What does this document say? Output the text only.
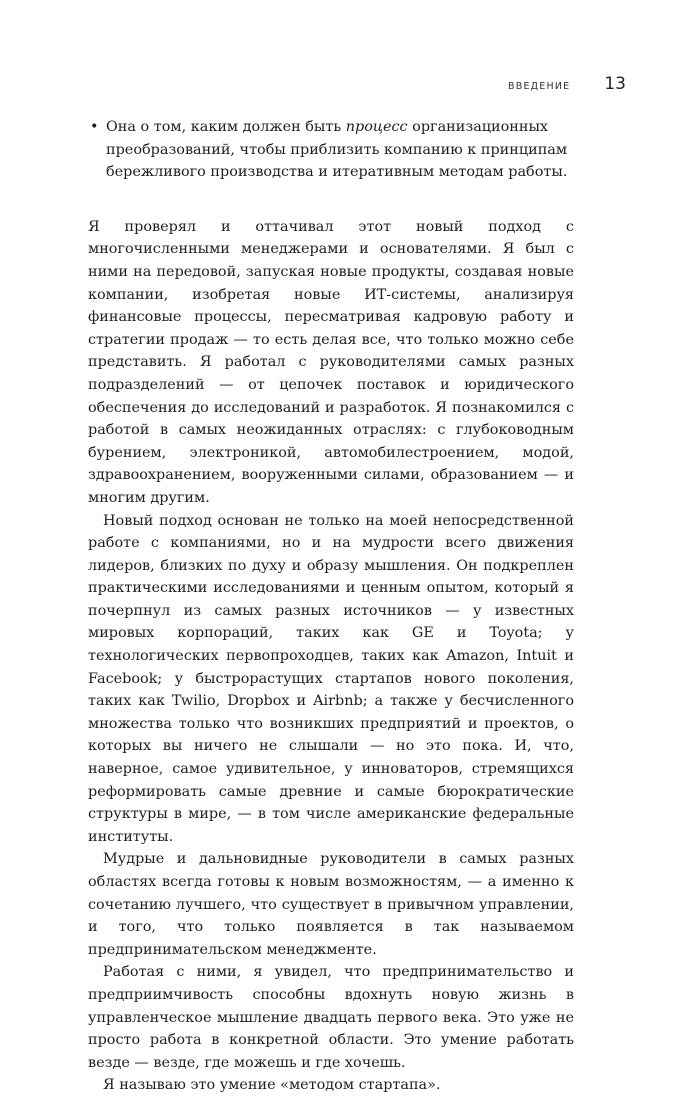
ВВЕДЕНИЕ 13
• Она о том, каким должен быть процесс организационных преобразований, чтобы приблизить компанию к принципам бережливого производства и итеративным методам работы.

Я проверял и оттачивал этот новый подход с многочисленными менеджерами и основателями. Я был с ними на передовой, запуская новые продукты, создавая новые компании, изобретая новые ИТ-системы, анализируя финансовые процессы, пересматривая кадровую работу и стратегии продаж — то есть делая все, что только можно себе представить. Я работал с руководителями самых разных подразделений — от цепочек поставок и юридического обеспечения до исследований и разработок. Я познакомился с работой в самых неожиданных отраслях: с глубоководным бурением, электроникой, автомобилестроением, модой, здравоохранением, вооруженными силами, образованием — и многим другим.

Новый подход основан не только на моей непосредственной работе с компаниями, но и на мудрости всего движения лидеров, близких по духу и образу мышления. Он подкреплен практическими исследованиями и ценным опытом, который я почерпнул из самых разных источников — у известных мировых корпораций, таких как GE и Toyota; у технологических первопроходцев, таких как Amazon, Intuit и Facebook; у быстрорастущих стартапов нового поколения, таких как Twilio, Dropbox и Airbnb; а также у бесчисленного множества только что возникших предприятий и проектов, о которых вы ничего не слышали — но это пока. И, что, наверное, самое удивительное, у инноваторов, стремящихся реформировать самые древние и самые бюрократические структуры в мире, — в том числе американские федеральные институты.

Мудрые и дальновидные руководители в самых разных областях всегда готовы к новым возможностям, — а именно к сочетанию лучшего, что существует в привычном управлении, и того, что только появляется в так называемом предпринимательском менеджменте.

Работая с ними, я увидел, что предпринимательство и предприимчивость способны вдохнуть новую жизнь в управленческое мышление двадцать первого века. Это уже не просто работа в конкретной области. Это умение работать везде — везде, где можешь и где хочешь.

Я называю это умение «методом стартапа».
